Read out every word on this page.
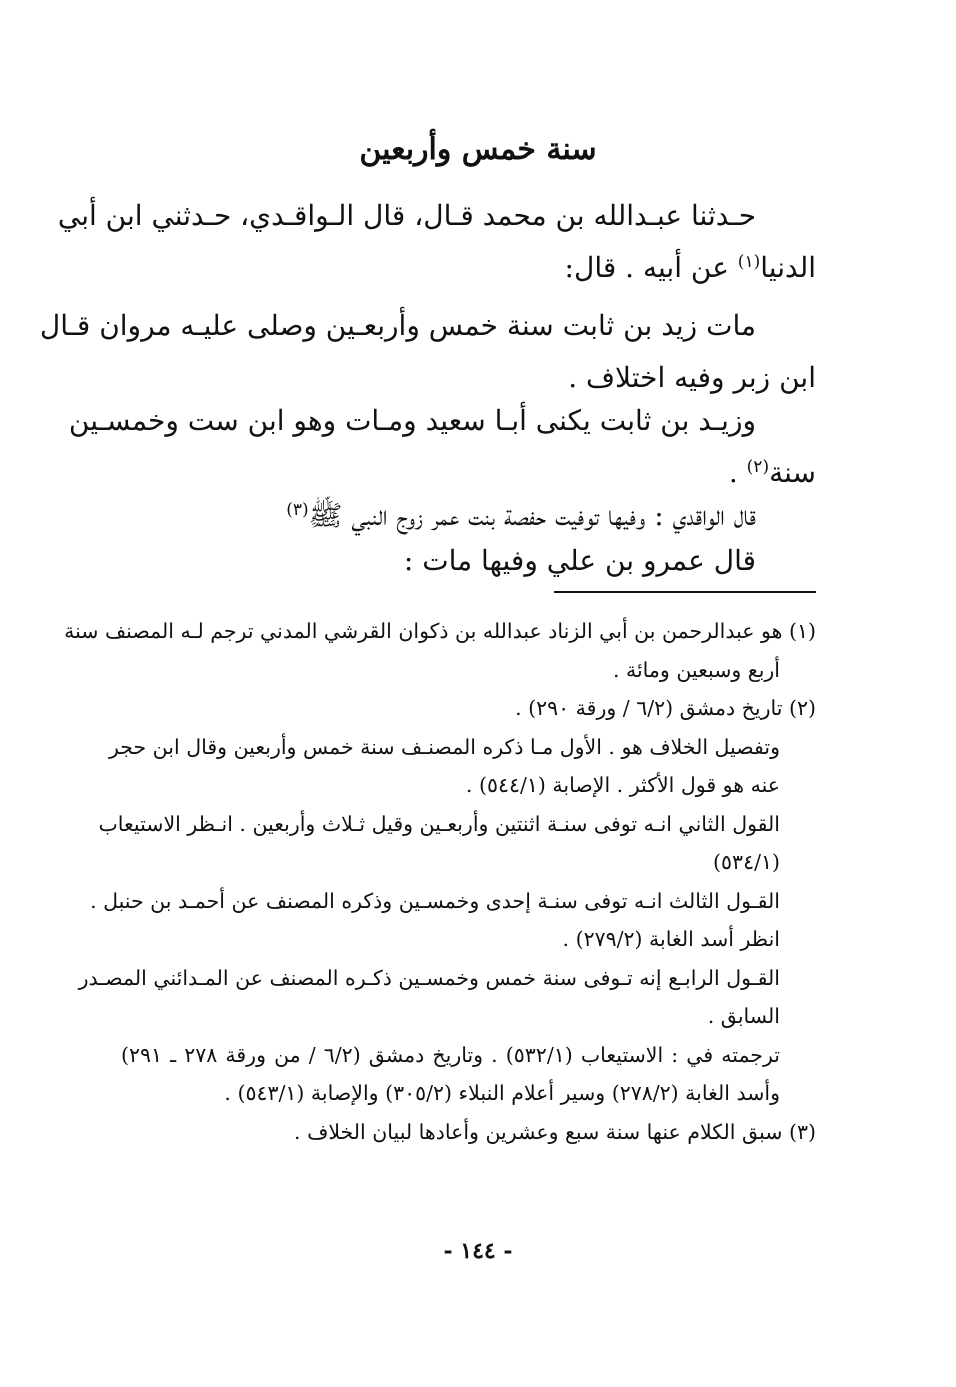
سنة خمس وأربعين
حـدثنا عبـدالله بن محمد قـال، قال الـواقـدي، حـدثني ابن أبي
الدنيا$^{(١)}$ عن أبيه . قال:
مات زيد بن ثابت سنة خمس وأربعـين وصلى عليـه مروان قـال
ابن زبر وفيه اختلاف .
وزيـد بن ثابت يكنى أبـا سعيد ومـات وهو ابن ست وخمسـين
سنة$^{(٢)}$ .
قال الواقدي : وفيها توفيت حفصة بنت عمر زوج النبي ﷺ$^{(٣)}$
قال عمرو بن علي وفيها مات :
(١) هو عبدالرحمن بن أبي الزناد عبدالله بن ذكوان القرشي المدني ترجم لـه المصنف سنة
أربع وسبعين ومائة .
(٢) تاريخ دمشق (٦/٢ / ورقة ٢٩٠) .
وتفصيل الخلاف هو . الأول مـا ذكره المصنـف سنة خمس وأربعين وقال ابن حجر
عنه هو قول الأكثر . الإصابة (٥٤٤/١) .
القول الثاني انـه توفى سنـة اثنتين وأربعـين وقيل ثـلاث وأربعين . انـظر الاستيعاب
(٥٣٤/١)
القـول الثالث انـه توفى سنـة إحدى وخمسـين وذكره المصنف عن أحمـد بن حنبل .
انظر أسد الغابة (٢٧٩/٢) .
القـول الرابـع إنه تـوفى سنة خمس وخمسـين ذكـره المصنف عن المـدائني المصـدر
السابق .
ترجمته في : الاستيعاب (٥٣٢/١) . وتاريخ دمشق (٦/٢ / من ورقة ٢٧٨ ـ ٢٩١)
وأسد الغابة (٢٧٨/٢) وسير أعلام النبلاء (٣٠٥/٢) والإصابة (٥٤٣/١) .
(٣) سبق الكلام عنها سنة سبع وعشرين وأعادها لبيان الخلاف .
- ١٤٤ -
